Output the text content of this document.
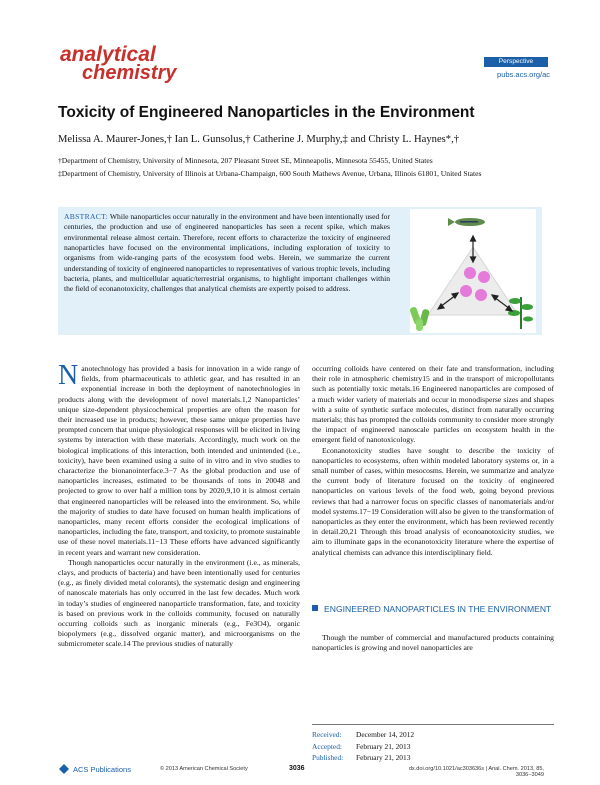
analytical
chemistry
Perspective
pubs.acs.org/ac
Toxicity of Engineered Nanoparticles in the Environment
Melissa A. Maurer-Jones,† Ian L. Gunsolus,† Catherine J. Murphy,‡ and Christy L. Haynes*,†
†Department of Chemistry, University of Minnesota, 207 Pleasant Street SE, Minneapolis, Minnesota 55455, United States
‡Department of Chemistry, University of Illinois at Urbana-Champaign, 600 South Mathews Avenue, Urbana, Illinois 61801, United States
ABSTRACT: While nanoparticles occur naturally in the environment and have been intentionally used for centuries, the production and use of engineered nanoparticles has seen a recent spike, which makes environmental release almost certain. Therefore, recent efforts to characterize the toxicity of engineered nanoparticles have focused on the environmental implications, including exploration of toxicity to organisms from wide-ranging parts of the ecosystem food webs. Herein, we summarize the current understanding of toxicity of engineered nanoparticles to representatives of various trophic levels, including bacteria, plants, and multicellular aquatic/terrestrial organisms, to highlight important challenges within the field of econanotoxicity, challenges that analytical chemists are expertly poised to address.

Nanotechnology has provided a basis for innovation in a wide range of fields, from pharmaceuticals to athletic gear, and has resulted in an exponential increase in both the deployment of nanotechnologies in products along with the development of novel materials.1,2 Nanoparticles’ unique size-dependent physicochemical properties are often the reason for their increased use in products; however, these same unique properties have prompted concern that unique physiological responses will be elicited in living systems by interaction with these materials. Accordingly, much work on the biological implications of this interaction, both intended and unintended (i.e., toxicity), have been examined using a suite of in vitro and in vivo studies to characterize the bionanointerface.3−7 As the global production and use of nanoparticles increases, estimated to be thousands of tons in 20048 and projected to grow to over half a million tons by 2020,9,10 it is almost certain that engineered nanoparticles will be released into the environment. So, while the majority of studies to date have focused on human health implications of nanoparticles, many recent efforts consider the ecological implications of nanoparticles, including the fate, transport, and toxicity, to promote sustainable use of these novel materials.11−13 These efforts have advanced significantly in recent years and warrant new consideration.

Though nanoparticles occur naturally in the environment (i.e., as minerals, clays, and products of bacteria) and have been intentionally used for centuries (e.g., as finely divided metal colorants), the systematic design and engineering of nanoscale materials has only occurred in the last few decades. Much work in today’s studies of engineered nanoparticle transformation, fate, and toxicity is based on previous work in the colloids community, focused on naturally occurring colloids such as inorganic minerals (e.g., Fe3O4), organic biopolymers (e.g., dissolved organic matter), and microorganisms on the submicrometer scale.14 The previous studies of naturally

occurring colloids have centered on their fate and transformation, including their role in atmospheric chemistry15 and in the transport of micropollutants such as potentially toxic metals.16 Engineered nanoparticles are composed of a much wider variety of materials and occur in monodisperse sizes and shapes with a suite of synthetic surface molecules, distinct from naturally occurring materials; this has prompted the colloids community to consider more strongly the impact of engineered nanoscale particles on ecosystem health in the emergent field of nanotoxicology.

Econanotoxicity studies have sought to describe the toxicity of nanoparticles to ecosystems, often within modeled laboratory systems or, in a small number of cases, within mesocosms. Herein, we summarize and analyze the current body of literature focused on the toxicity of engineered nanoparticles on various levels of the food web, going beyond previous reviews that had a narrower focus on specific classes of nanomaterials and/or model systems.17−19 Consideration will also be given to the transformation of nanoparticles as they enter the environment, which has been reviewed recently in detail.20,21 Through this broad analysis of econoanotoxicity studies, we aim to illuminate gaps in the econanotoxicity literature where the expertise of analytical chemists can advance this interdisciplinary field.

ENGINEERED NANOPARTICLES IN THE ENVIRONMENT

Though the number of commercial and manufactured products containing nanoparticles is growing and novel nanoparticles are

Received: December 14, 2012
Accepted: February 21, 2013
Published: February 21, 2013
ACS Publications	© 2013 American Chemical Society	3036	dx.doi.org/10.1021/ac303636s | Anal. Chem. 2013, 85, 3036−3049
